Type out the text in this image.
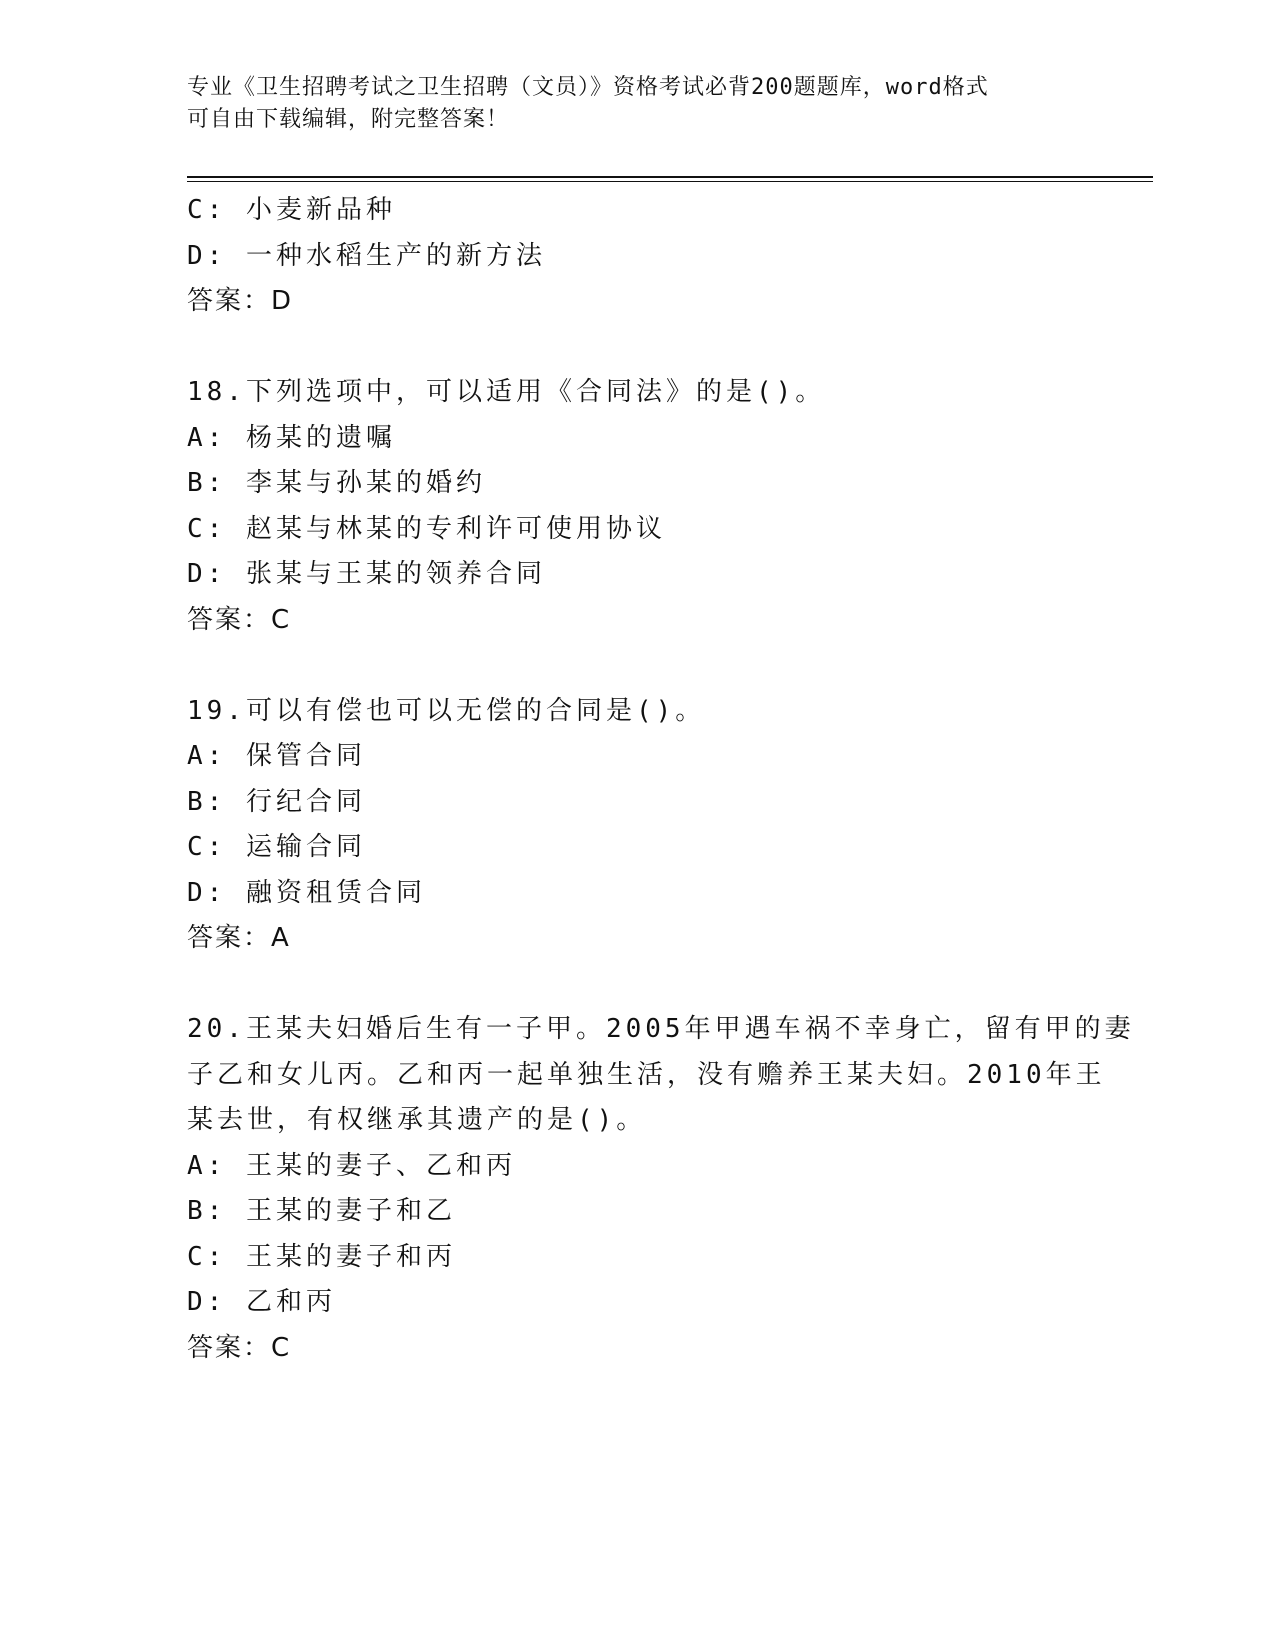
专业《卫生招聘考试之卫生招聘（文员）》资格考试必背200题题库，word格式
可自由下载编辑，附完整答案！
C: 小麦新品种
D: 一种水稻生产的新方法
答案：D
18.下列选项中，可以适用《合同法》的是()。
A: 杨某的遗嘱
B: 李某与孙某的婚约
C: 赵某与林某的专利许可使用协议
D: 张某与王某的领养合同
答案：C
19.可以有偿也可以无偿的合同是()。
A: 保管合同
B: 行纪合同
C: 运输合同
D: 融资租赁合同
答案：A
20.王某夫妇婚后生有一子甲。2005年甲遇车祸不幸身亡，留有甲的妻
子乙和女儿丙。乙和丙一起单独生活，没有赡养王某夫妇。2010年王
某去世，有权继承其遗产的是()。
A: 王某的妻子、乙和丙
B: 王某的妻子和乙
C: 王某的妻子和丙
D: 乙和丙
答案：C
